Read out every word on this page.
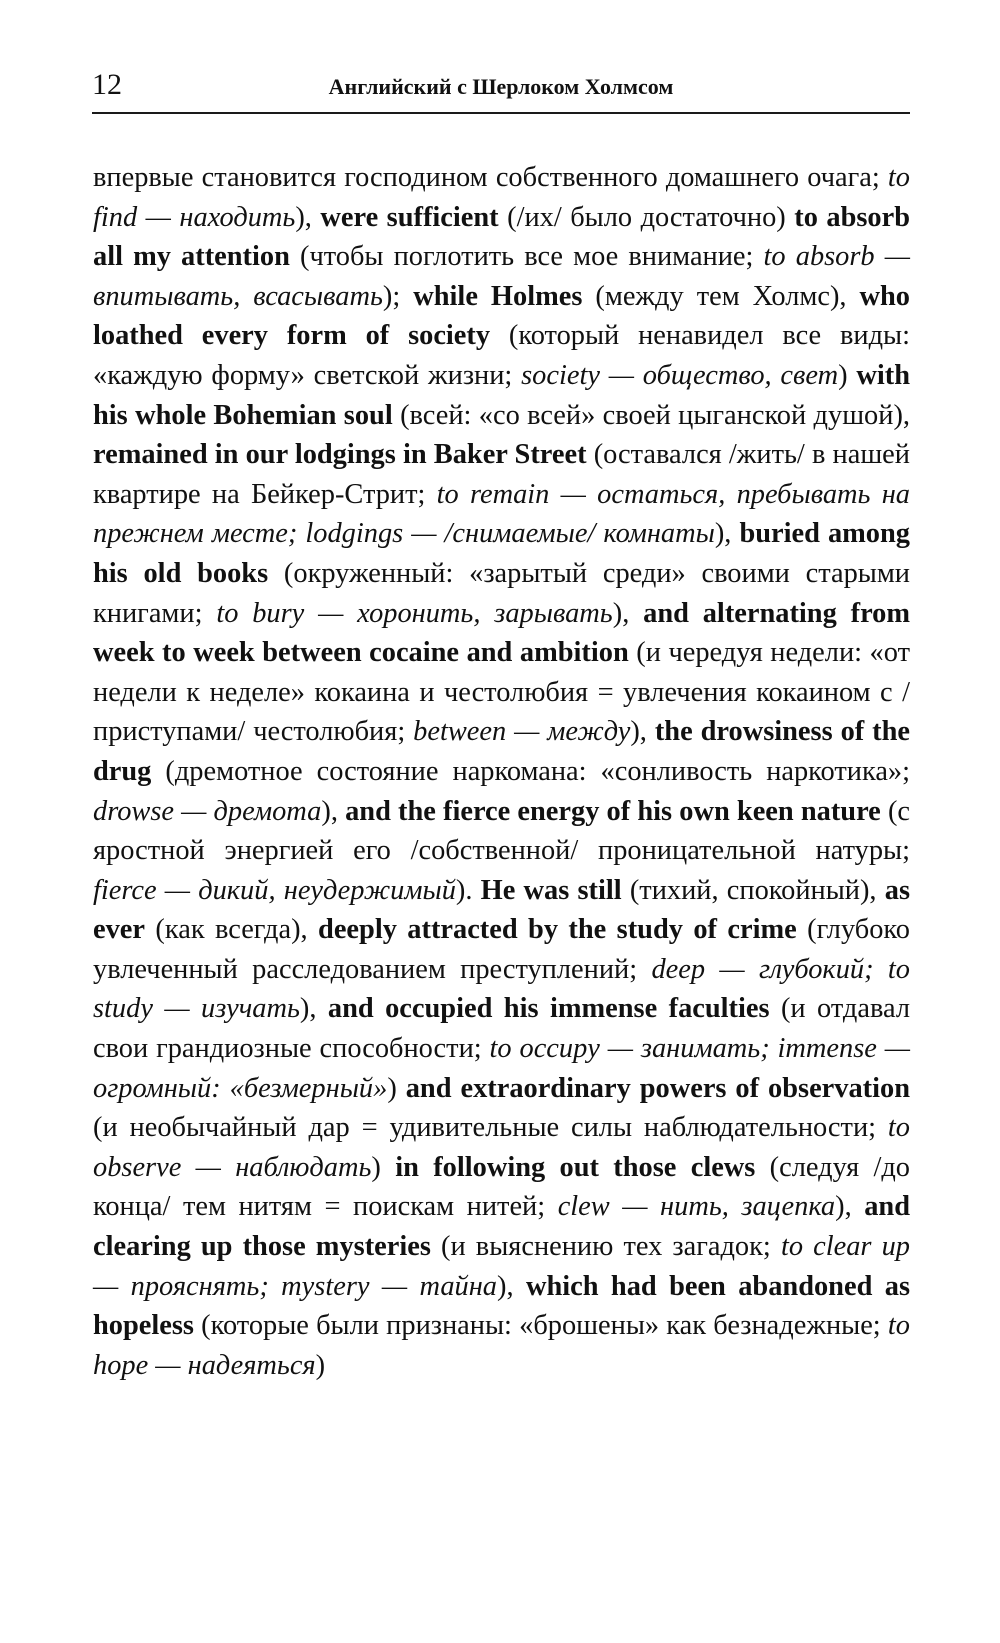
12	Английский с Шерлоком Холмсом

впервые становится господином собственного домашнего очага; to find — находить), were sufficient (/их/ было достаточно) to absorb all my attention (чтобы поглотить все мое внимание; to absorb — впитывать, всасывать); while Holmes (между тем Холмс), who loathed every form of society (который ненавидел все виды: «каждую форму» светской жизни; society — общество, свет) with his whole Bohemian soul (всей: «со всей» своей цыганской душой), remained in our lodgings in Baker Street (оставался /жить/ в нашей квартире на Бейкер-Стрит; to remain — остаться, пребывать на прежнем месте; lodgings — /снимаемые/ комнаты), buried among his old books (окруженный: «зарытый среди» своими старыми книгами; to bury — хоронить, зарывать), and alternating from week to week between cocaine and ambition (и чередуя недели: «от недели к неделе» кокаина и честолюбия = увлечения кокаином с /приступами/ честолюбия; between — между), the drowsiness of the drug (дремотное состояние наркомана: «сонливость наркотика»; drowse — дремота), and the fierce energy of his own keen nature (с яростной энергией его /собственной/ проницательной натуры; fierce — дикий, неудержимый). He was still (тихий, спокойный), as ever (как всегда), deeply attracted by the study of crime (глубоко увлеченный расследованием преступлений; deep — глубокий; to study — изучать), and occupied his immense faculties (и отдавал свои грандиозные способности; to occupy — занимать; immense — огромный: «безмерный») and extraordinary powers of observation (и необычайный дар = удивительные силы наблюдательности; to observe — наблюдать) in following out those clews (следуя /до конца/ тем нитям = поискам нитей; clew — нить, зацепка), and clearing up those mysteries (и выяснению тех загадок; to clear up — прояснять; mystery — тайна), which had been abandoned as hopeless (которые были признаны: «брошены» как безнадежные; to hope — надеяться)
